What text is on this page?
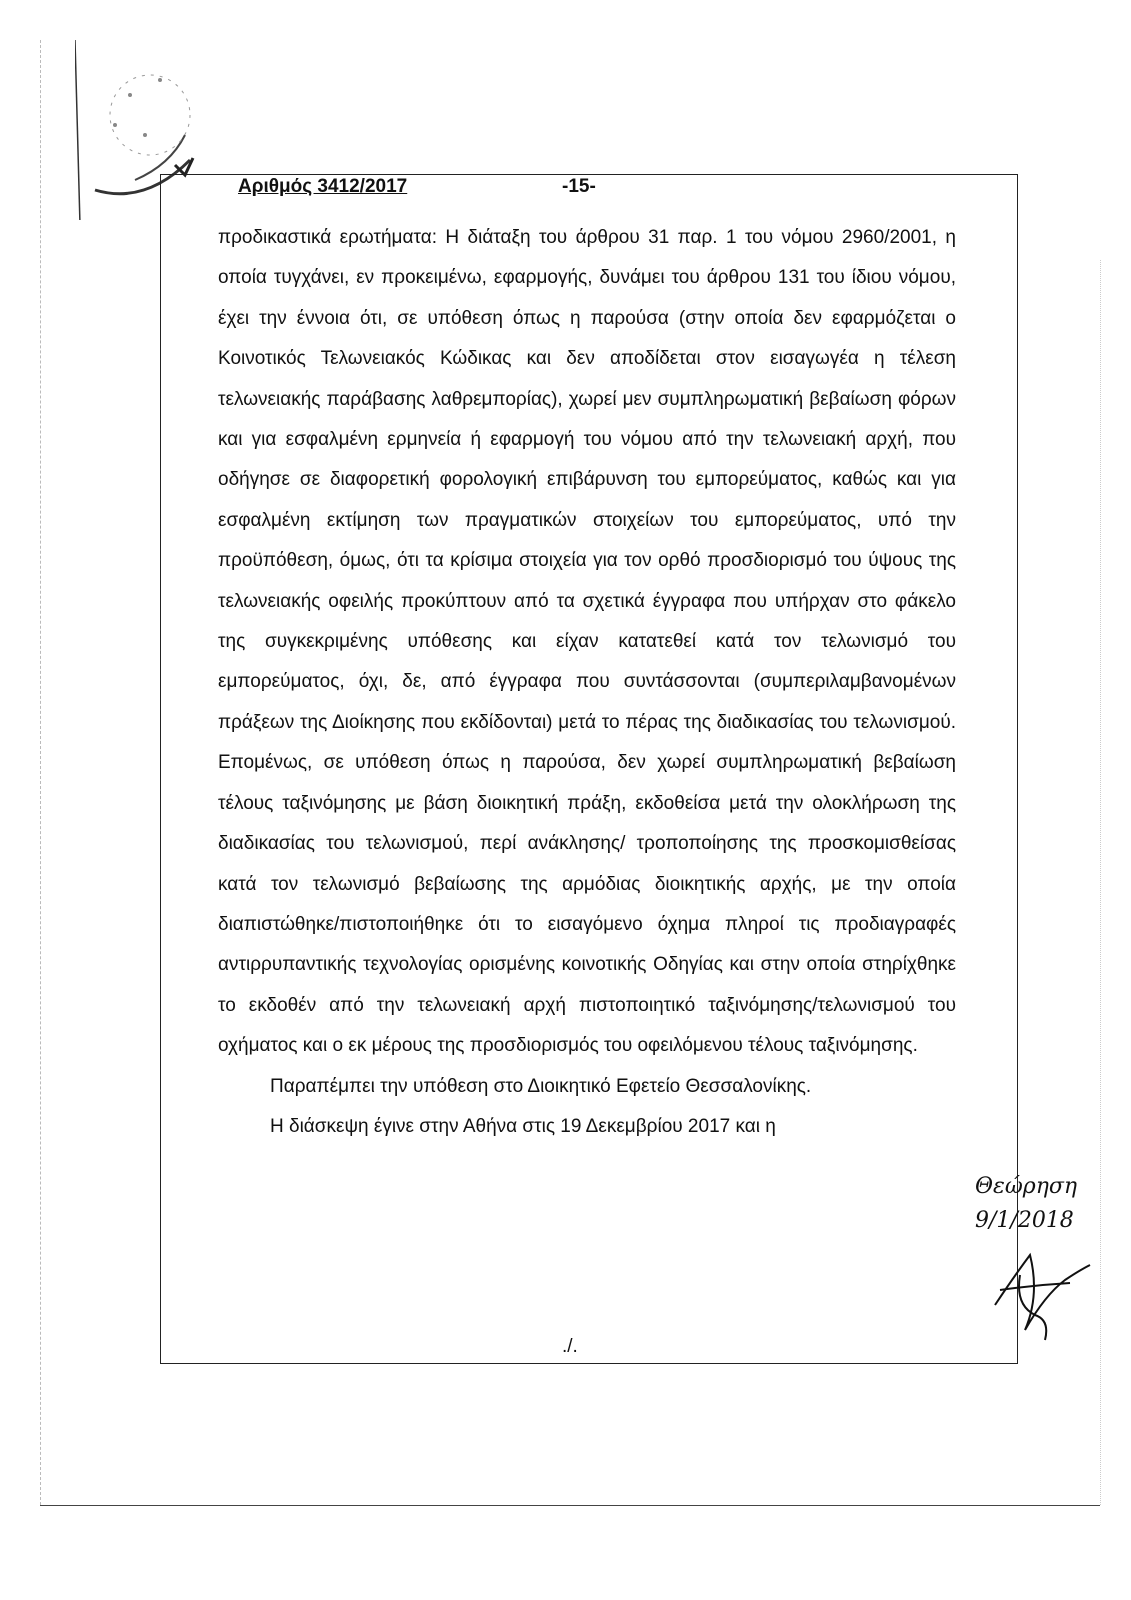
Αριθμός 3412/2017	-15-

προδικαστικά ερωτήματα: Η διάταξη του άρθρου 31 παρ. 1 του νόμου 2960/2001, η οποία τυγχάνει, εν προκειμένω, εφαρμογής, δυνάμει του άρθρου 131 του ίδιου νόμου, έχει την έννοια ότι, σε υπόθεση όπως η παρούσα (στην οποία δεν εφαρμόζεται ο Κοινοτικός Τελωνειακός Κώδικας και δεν αποδίδεται στον εισαγωγέα η τέλεση τελωνειακής παράβασης λαθρεμπορίας), χωρεί μεν συμπληρωματική βεβαίωση φόρων και για εσφαλμένη ερμηνεία ή εφαρμογή του νόμου από την τελωνειακή αρχή, που οδήγησε σε διαφορετική φορολογική επιβάρυνση του εμπορεύματος, καθώς και για εσφαλμένη εκτίμηση των πραγματικών στοιχείων του εμπορεύματος, υπό την προϋπόθεση, όμως, ότι τα κρίσιμα στοιχεία για τον ορθό προσδιορισμό του ύψους της τελωνειακής οφειλής προκύπτουν από τα σχετικά έγγραφα που υπήρχαν στο φάκελο της συγκεκριμένης υπόθεσης και είχαν κατατεθεί κατά τον τελωνισμό του εμπορεύματος, όχι, δε, από έγγραφα που συντάσσονται (συμπεριλαμβανομένων πράξεων της Διοίκησης που εκδίδονται) μετά το πέρας της διαδικασίας του τελωνισμού. Επομένως, σε υπόθεση όπως η παρούσα, δεν χωρεί συμπληρωματική βεβαίωση τέλους ταξινόμησης με βάση διοικητική πράξη, εκδοθείσα μετά την ολοκλήρωση της διαδικασίας του τελωνισμού, περί ανάκλησης/ τροποποίησης της προσκομισθείσας κατά τον τελωνισμό βεβαίωσης της αρμόδιας διοικητικής αρχής, με την οποία διαπιστώθηκε/πιστοποιήθηκε ότι το εισαγόμενο όχημα πληροί τις προδιαγραφές αντιρρυπαντικής τεχνολογίας ορισμένης κοινοτικής Οδηγίας και στην οποία στηρίχθηκε το εκδοθέν από την τελωνειακή αρχή πιστοποιητικό ταξινόμησης/τελωνισμού του οχήματος και ο εκ μέρους της προσδιορισμός του οφειλόμενου τέλους ταξινόμησης.

Παραπέμπει την υπόθεση στο Διοικητικό Εφετείο Θεσσαλονίκης.

Η διάσκεψη έγινε στην Αθήνα στις 19 Δεκεμβρίου 2017 και η

./.
Θεώρηση
9/1/2018
